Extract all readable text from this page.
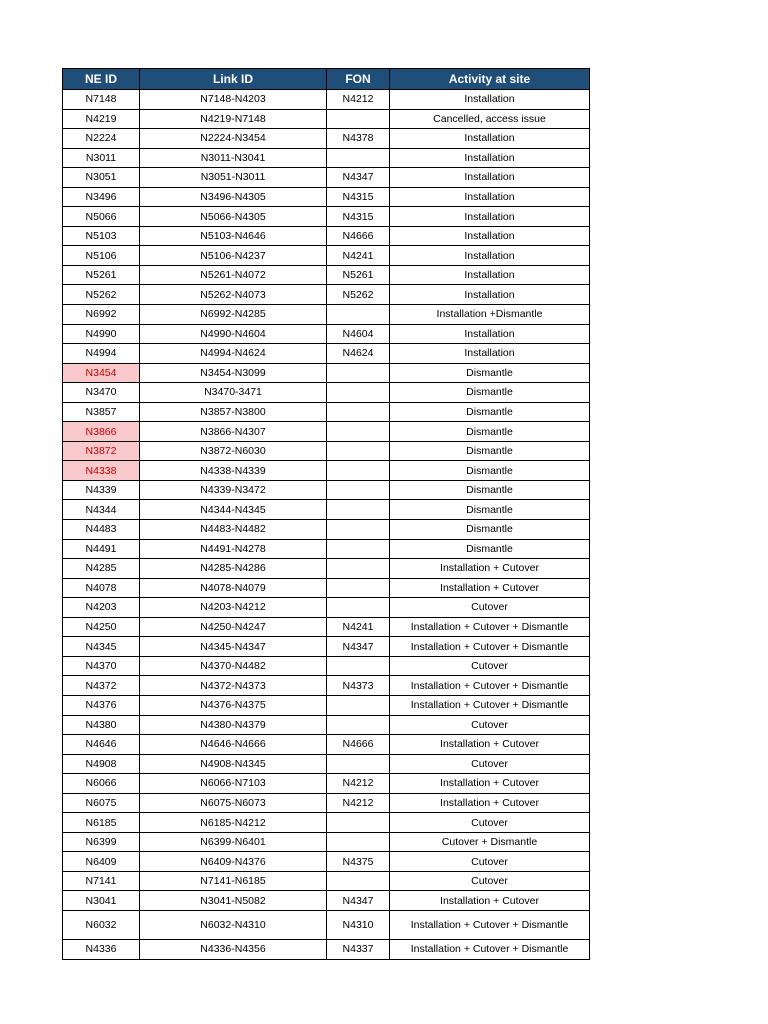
NE ID	Link ID	FON	Activity at site
N7148	N7148-N4203	N4212	Installation
N4219	N4219-N7148		Cancelled, access issue
N2224	N2224-N3454	N4378	Installation
N3011	N3011-N3041		Installation
N3051	N3051-N3011	N4347	Installation
N3496	N3496-N4305	N4315	Installation
N5066	N5066-N4305	N4315	Installation
N5103	N5103-N4646	N4666	Installation
N5106	N5106-N4237	N4241	Installation
N5261	N5261-N4072	N5261	Installation
N5262	N5262-N4073	N5262	Installation
N6992	N6992-N4285		Installation +Dismantle
N4990	N4990-N4604	N4604	Installation
N4994	N4994-N4624	N4624	Installation
N3454	N3454-N3099		Dismantle
N3470	N3470-3471		Dismantle
N3857	N3857-N3800		Dismantle
N3866	N3866-N4307		Dismantle
N3872	N3872-N6030		Dismantle
N4338	N4338-N4339		Dismantle
N4339	N4339-N3472		Dismantle
N4344	N4344-N4345		Dismantle
N4483	N4483-N4482		Dismantle
N4491	N4491-N4278		Dismantle
N4285	N4285-N4286		Installation + Cutover
N4078	N4078-N4079		Installation + Cutover
N4203	N4203-N4212		Cutover
N4250	N4250-N4247	N4241	Installation + Cutover + Dismantle
N4345	N4345-N4347	N4347	Installation + Cutover + Dismantle
N4370	N4370-N4482		Cutover
N4372	N4372-N4373	N4373	Installation + Cutover + Dismantle
N4376	N4376-N4375		Installation + Cutover + Dismantle
N4380	N4380-N4379		Cutover
N4646	N4646-N4666	N4666	Installation + Cutover
N4908	N4908-N4345		Cutover
N6066	N6066-N7103	N4212	Installation + Cutover
N6075	N6075-N6073	N4212	Installation + Cutover
N6185	N6185-N4212		Cutover
N6399	N6399-N6401		Cutover + Dismantle
N6409	N6409-N4376	N4375	Cutover
N7141	N7141-N6185		Cutover
N3041	N3041-N5082	N4347	Installation + Cutover
N6032	N6032-N4310	N4310	Installation + Cutover + Dismantle
N4336	N4336-N4356	N4337	Installation + Cutover + Dismantle
